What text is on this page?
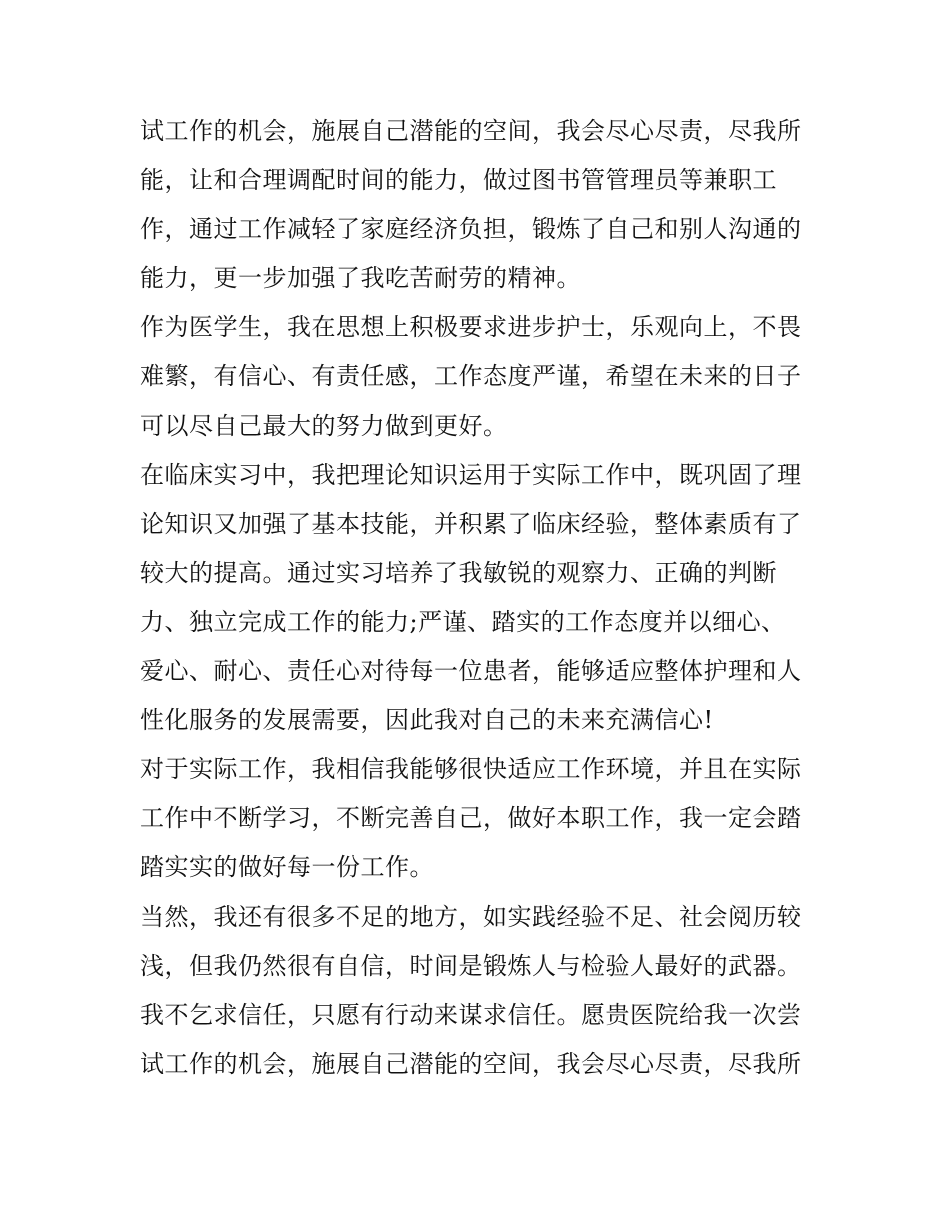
试工作的机会，施展自己潜能的空间，我会尽心尽责，尽我所
能，让和合理调配时间的能力，做过图书管管理员等兼职工
作，通过工作减轻了家庭经济负担，锻炼了自己和别人沟通的
能力，更一步加强了我吃苦耐劳的精神。
作为医学生，我在思想上积极要求进步护士，乐观向上，不畏
难繁，有信心、有责任感，工作态度严谨，希望在未来的日子
可以尽自己最大的努力做到更好。
在临床实习中，我把理论知识运用于实际工作中，既巩固了理
论知识又加强了基本技能，并积累了临床经验，整体素质有了
较大的提高。通过实习培养了我敏锐的观察力、正确的判断
力、独立完成工作的能力;严谨、踏实的工作态度并以细心、
爱心、耐心、责任心对待每一位患者，能够适应整体护理和人
性化服务的发展需要，因此我对自己的未来充满信心!
对于实际工作，我相信我能够很快适应工作环境，并且在实际
工作中不断学习，不断完善自己，做好本职工作，我一定会踏
踏实实的做好每一份工作。
当然，我还有很多不足的地方，如实践经验不足、社会阅历较
浅，但我仍然很有自信，时间是锻炼人与检验人最好的武器。
我不乞求信任，只愿有行动来谋求信任。愿贵医院给我一次尝
试工作的机会，施展自己潜能的空间，我会尽心尽责，尽我所
